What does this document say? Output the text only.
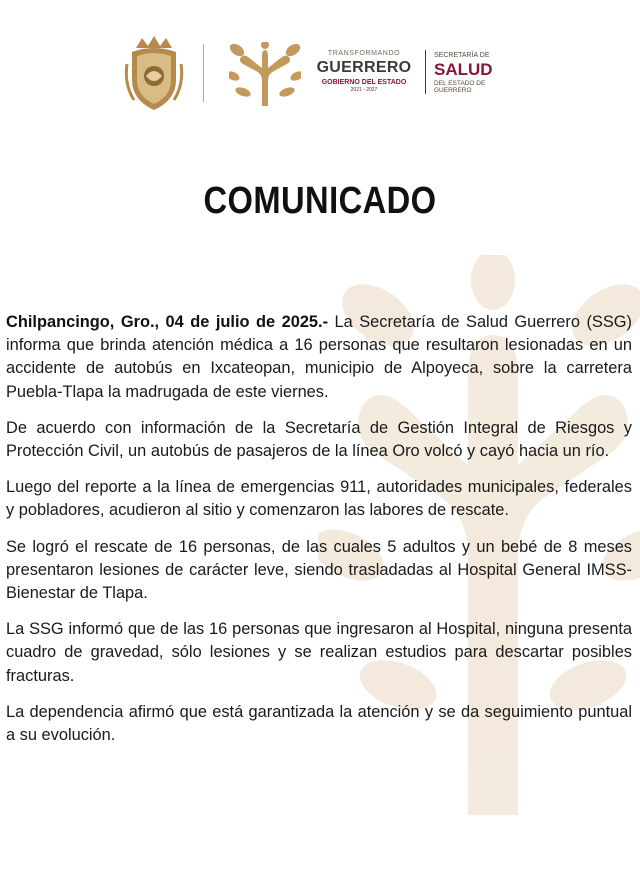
TRANSFORMANDO
GUERRERO
GOBIERNO DEL ESTADO
2021 - 2027
SECRETARÍA DE
SALUD
DEL ESTADO DE
GUERRERO
COMUNICADO

Chilpancingo, Gro., 04 de julio de 2025.- La Secretaría de Salud Guerrero (SSG) informa que brinda atención médica a 16 personas que resultaron lesionadas en un accidente de autobús en Ixcateopan, municipio de Alpoyeca, sobre la carretera Puebla-Tlapa la madrugada de este viernes.

De acuerdo con información de la Secretaría de Gestión Integral de Riesgos y Protección Civil, un autobús de pasajeros de la línea Oro volcó y cayó hacia un río.

Luego del reporte a la línea de emergencias 911, autoridades municipales, federales y pobladores, acudieron al sitio y comenzaron las labores de rescate.

Se logró el rescate de 16 personas, de las cuales 5 adultos y un bebé de 8 meses presentaron lesiones de carácter leve, siendo trasladadas al Hospital General IMSS-Bienestar de Tlapa.

La SSG informó que de las 16 personas que ingresaron al Hospital, ninguna presenta cuadro de gravedad, sólo lesiones y se realizan estudios para descartar posibles fracturas.

La dependencia afirmó que está garantizada la atención y se da seguimiento puntual a su evolución.
